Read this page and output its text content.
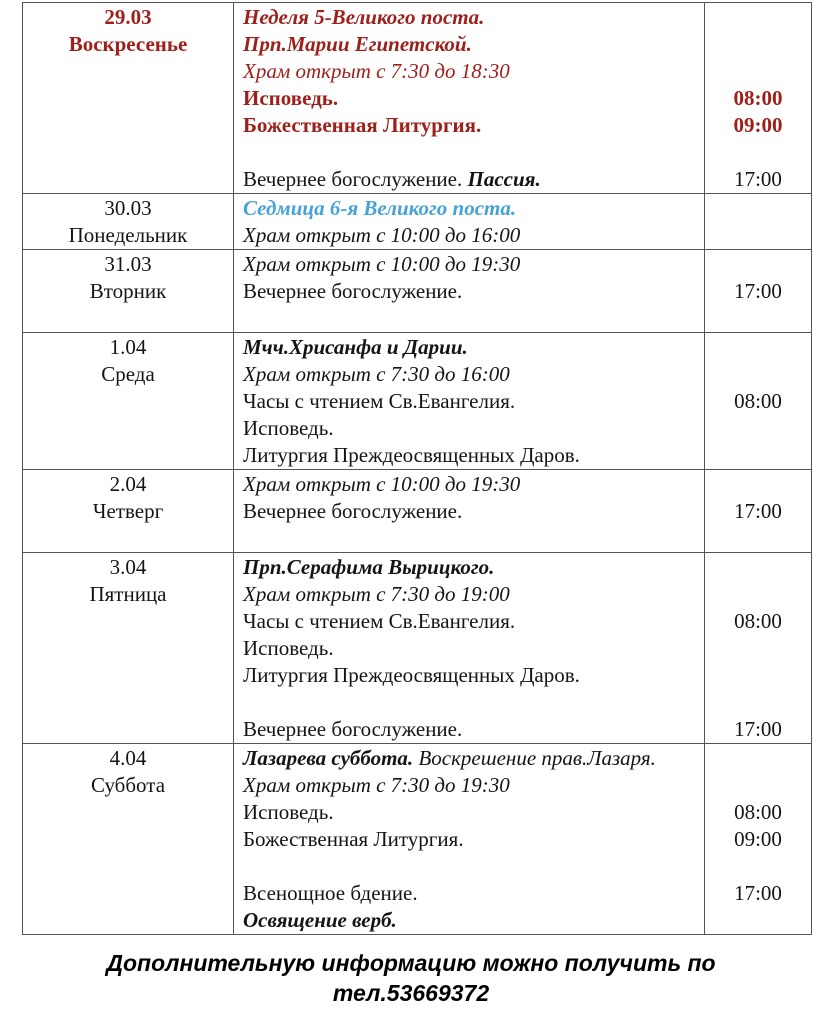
29.03
Воскресенье
Неделя 5-Великого поста.
Прп.Марии Египетской.
Храм открыт с 7:30 до 18:30
Исповедь.
Божественная Литургия.

Вечернее богослужение. Пассия.

08:00
09:00

17:00
30.03
Понедельник
Седмица 6-я Великого поста.
Храм открыт с 10:00 до 16:00

31.03
Вторник
Храм открыт с 10:00 до 19:30
Вечернее богослужение.

	17:00

1.04
Среда
Мчч.Хрисанфа и Дарии.
Храм открыт с 7:30 до 16:00
Часы с чтением Св.Евангелия.
Исповедь.
Литургия Преждеосвященных Даров.

08:00

2.04
Четверг
Храм открыт с 10:00 до 19:30
Вечернее богослужение.

	17:00

3.04
Пятница
Прп.Серафима Вырицкого.
Храм открыт с 7:30 до 19:00
Часы с чтением Св.Евангелия.
Исповедь.
Литургия Преждеосвященных Даров.

Вечернее богослужение.

08:00

17:00
4.04
Суббота
Лазарева суббота. Воскрешение прав.Лазаря.
Храм открыт с 7:30 до 19:30
Исповедь.
Божественная Литургия.

Всенощное бдение.
Освящение верб.

08:00
09:00

17:00

Дополнительную информацию можно получить по
тел.53669372
